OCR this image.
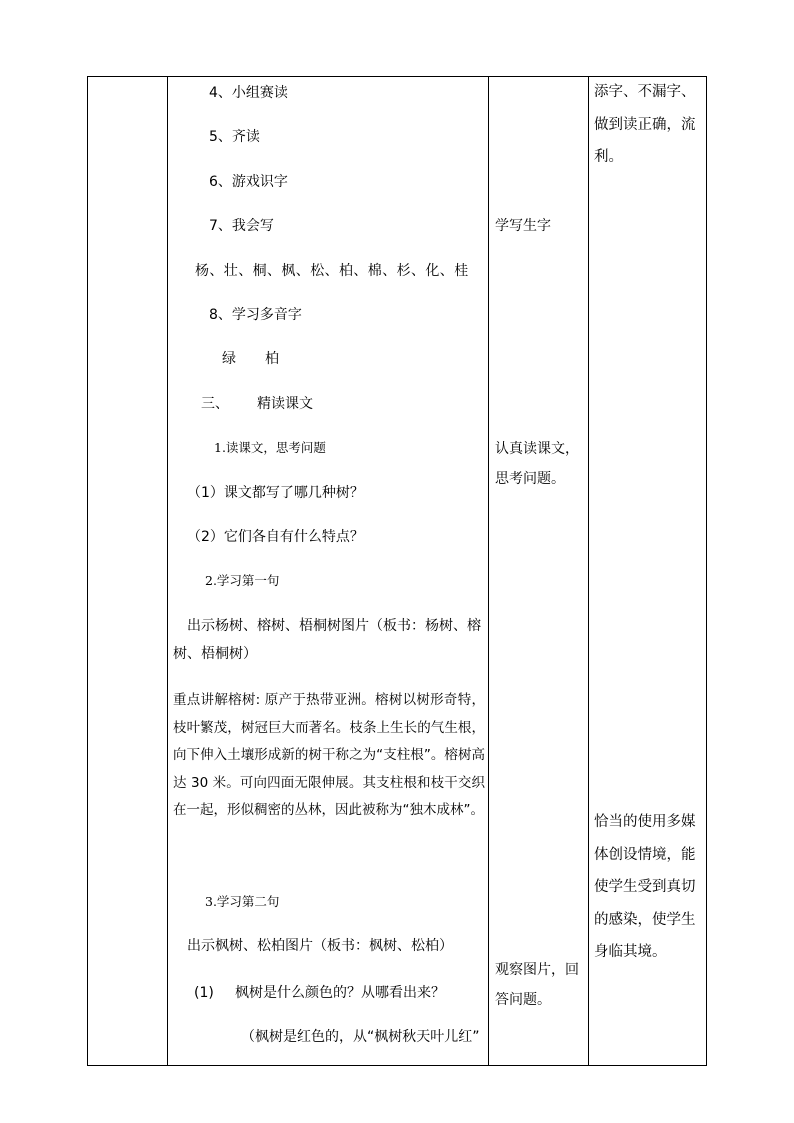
4、小组赛读
5、齐读
6、游戏识字
7、我会写
杨、壮、桐、枫、松、柏、棉、杉、化、桂
8、学习多音字
绿 柏
三、 精读课文
1.读课文，思考问题
（1）课文都写了哪几种树？
（2）它们各自有什么特点？
2.学习第一句
出示杨树、榕树、梧桐树图片（板书：杨树、榕树、梧桐树）
重点讲解榕树: 原产于热带亚洲。榕树以树形奇特，枝叶繁茂，树冠巨大而著名。枝条上生长的气生根，向下伸入土壤形成新的树干称之为“支柱根”。榕树高达 30 米。可向四面无限伸展。其支柱根和枝干交织在一起，形似稠密的丛林，因此被称为“独木成林”。
3.学习第二句
出示枫树、松柏图片（板书：枫树、松柏）
(1) 枫树是什么颜色的？从哪看出来？
（枫树是红色的，从“枫树秋天叶儿红”
学写生字
认真读课文，思考问题。
观察图片，回答问题。
添字、不漏字、做到读正确，流利。
恰当的使用多媒体创设情境，能使学生受到真切的感染，使学生身临其境。
